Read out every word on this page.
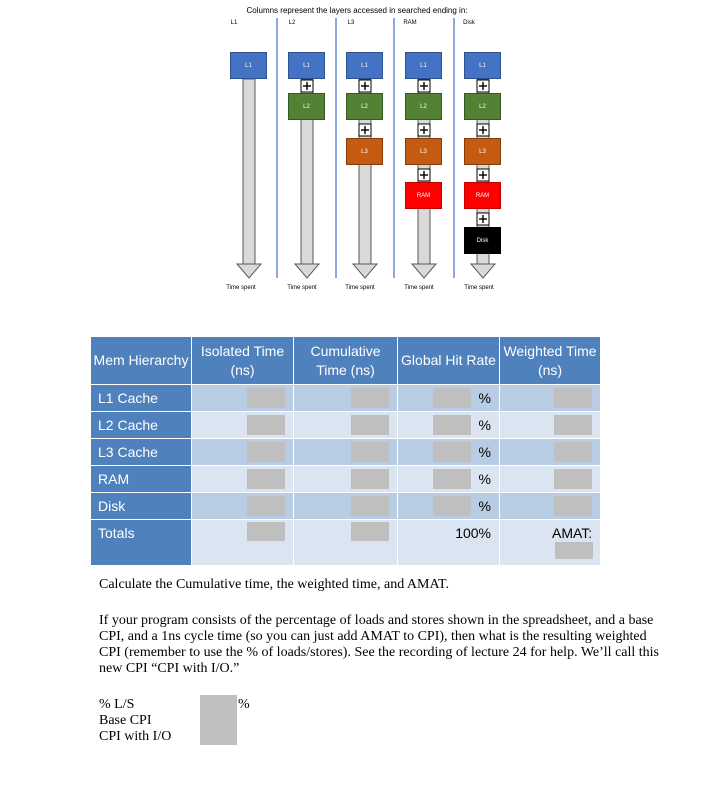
Columns represent the layers accessed in searched ending in:
L1	L2	L3	RAM	Disk
L1	L1
L2
L1
L2
L3
L1
L2
L3
RAM
L1
L2
L3
RAM
Disk
Time spent	Time spent	Time spent	Time spent	Time spent
Mem Hierarchy	Isolated Time (ns)	Cumulative Time (ns)	Global Hit Rate	Weighted Time (ns)
L1 Cache			%	

L2 Cache			%	

L3 Cache			%	

RAM			%	

Disk			%	

Totals			100%	AMAT:
Calculate the Cumulative time, the weighted time, and AMAT.
If your program consists of the percentage of loads and stores shown in the spreadsheet, and a base CPI, and a 1ns cycle time (so you can just add AMAT to CPI), then what is the resulting weighted CPI (remember to use the % of loads/stores). See the recording of lecture 24 for help. We’ll call this new CPI “CPI with I/O.”
% L/S
Base CPI
CPI with I/O
%
